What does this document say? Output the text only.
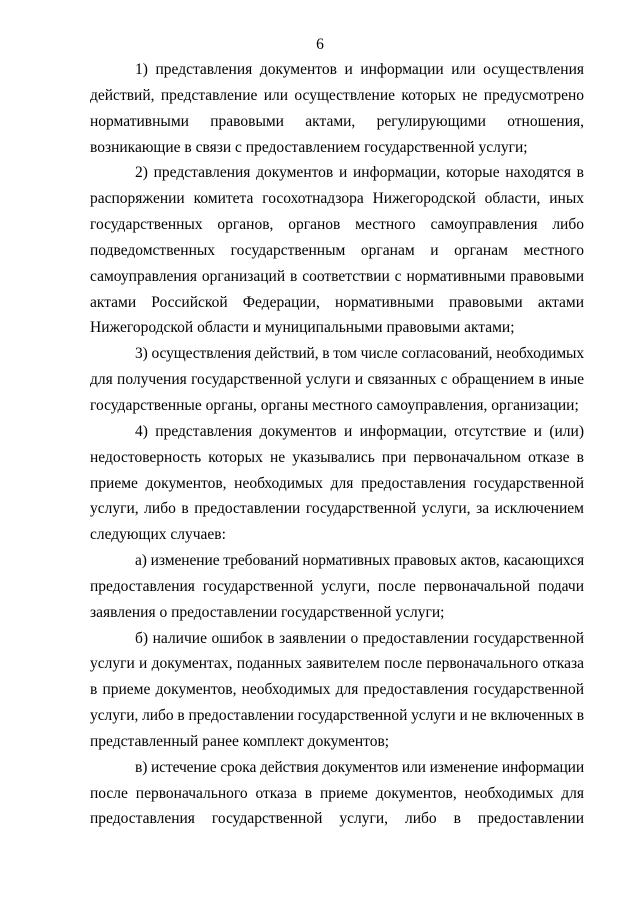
6
1) представления документов и информации или осуществления
действий, представление или осуществление которых не предусмотрено
нормативными правовыми актами, регулирующими отношения,
возникающие в связи с предоставлением государственной услуги;
2) представления документов и информации, которые находятся в
распоряжении комитета госохотнадзора Нижегородской области, иных
государственных органов, органов местного самоуправления либо
подведомственных государственным органам и органам местного
самоуправления организаций в соответствии с нормативными правовыми
актами Российской Федерации, нормативными правовыми актами
Нижегородской области и муниципальными правовыми актами;
3) осуществления действий, в том числе согласований, необходимых
для получения государственной услуги и связанных с обращением в иные
государственные органы, органы местного самоуправления, организации;
4) представления документов и информации, отсутствие и (или)
недостоверность которых не указывались при первоначальном отказе в
приеме документов, необходимых для предоставления государственной
услуги, либо в предоставлении государственной услуги, за исключением
следующих случаев:
а) изменение требований нормативных правовых актов, касающихся
предоставления государственной услуги, после первоначальной подачи
заявления о предоставлении государственной услуги;
б) наличие ошибок в заявлении о предоставлении государственной
услуги и документах, поданных заявителем после первоначального отказа
в приеме документов, необходимых для предоставления государственной
услуги, либо в предоставлении государственной услуги и не включенных в
представленный ранее комплект документов;
в) истечение срока действия документов или изменение информации
после первоначального отказа в приеме документов, необходимых для
предоставления государственной услуги, либо в предоставлении
